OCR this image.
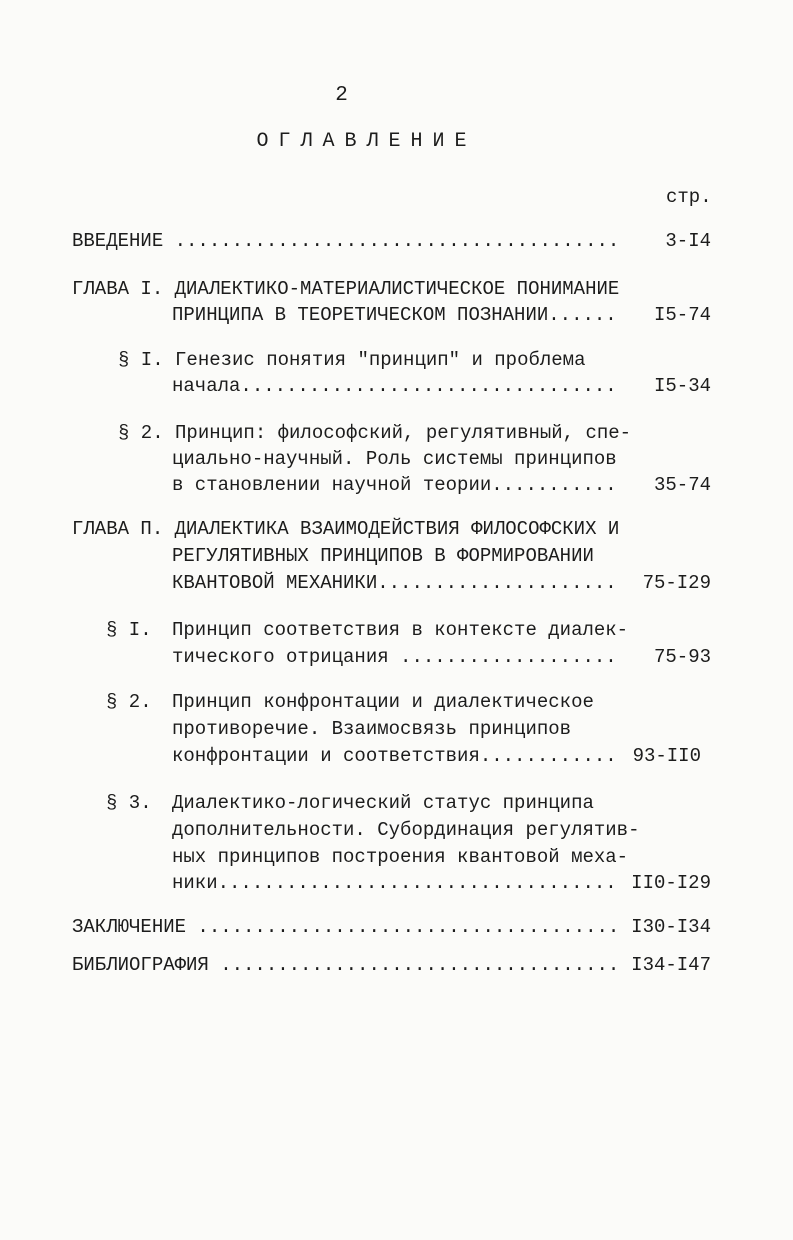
2
ОГЛАВЛЕНИЕ
стр.
ВВЕДЕНИЕ ....................................... 3-I4
ГЛАВА I. ДИАЛЕКТИКО-МАТЕРИАЛИСТИЧЕСКОЕ ПОНИМАНИЕ
ПРИНЦИПА В ТЕОРЕТИЧЕСКОМ ПОЗНАНИИ...... I5-74
§ I. Генезис понятия "принцип" и проблема
начала................................. I5-34
§ 2. Принцип: философский, регулятивный, спе-
циально-научный. Роль системы принципов
в становлении научной теории........... 35-74
ГЛАВА П. ДИАЛЕКТИКА ВЗАИМОДЕЙСТВИЯ ФИЛОСОФСКИХ И
РЕГУЛЯТИВНЫХ ПРИНЦИПОВ В ФОРМИРОВАНИИ
КВАНТОВОЙ МЕХАНИКИ..................... 75-I29
§ I. Принцип соответствия в контексте диалек-
тического отрицания ................... 75-93
§ 2. Принцип конфронтации и диалектическое
противоречие. Взаимосвязь принципов
конфронтации и соответствия............ 93-II0
§ 3. Диалектико-логический статус принципа
дополнительности. Субординация регулятив-
ных принципов построения квантовой меха-
ники................................... II0-I29
ЗАКЛЮЧЕНИЕ ..................................... I30-I34
БИБЛИОГРАФИЯ ................................... I34-I47
